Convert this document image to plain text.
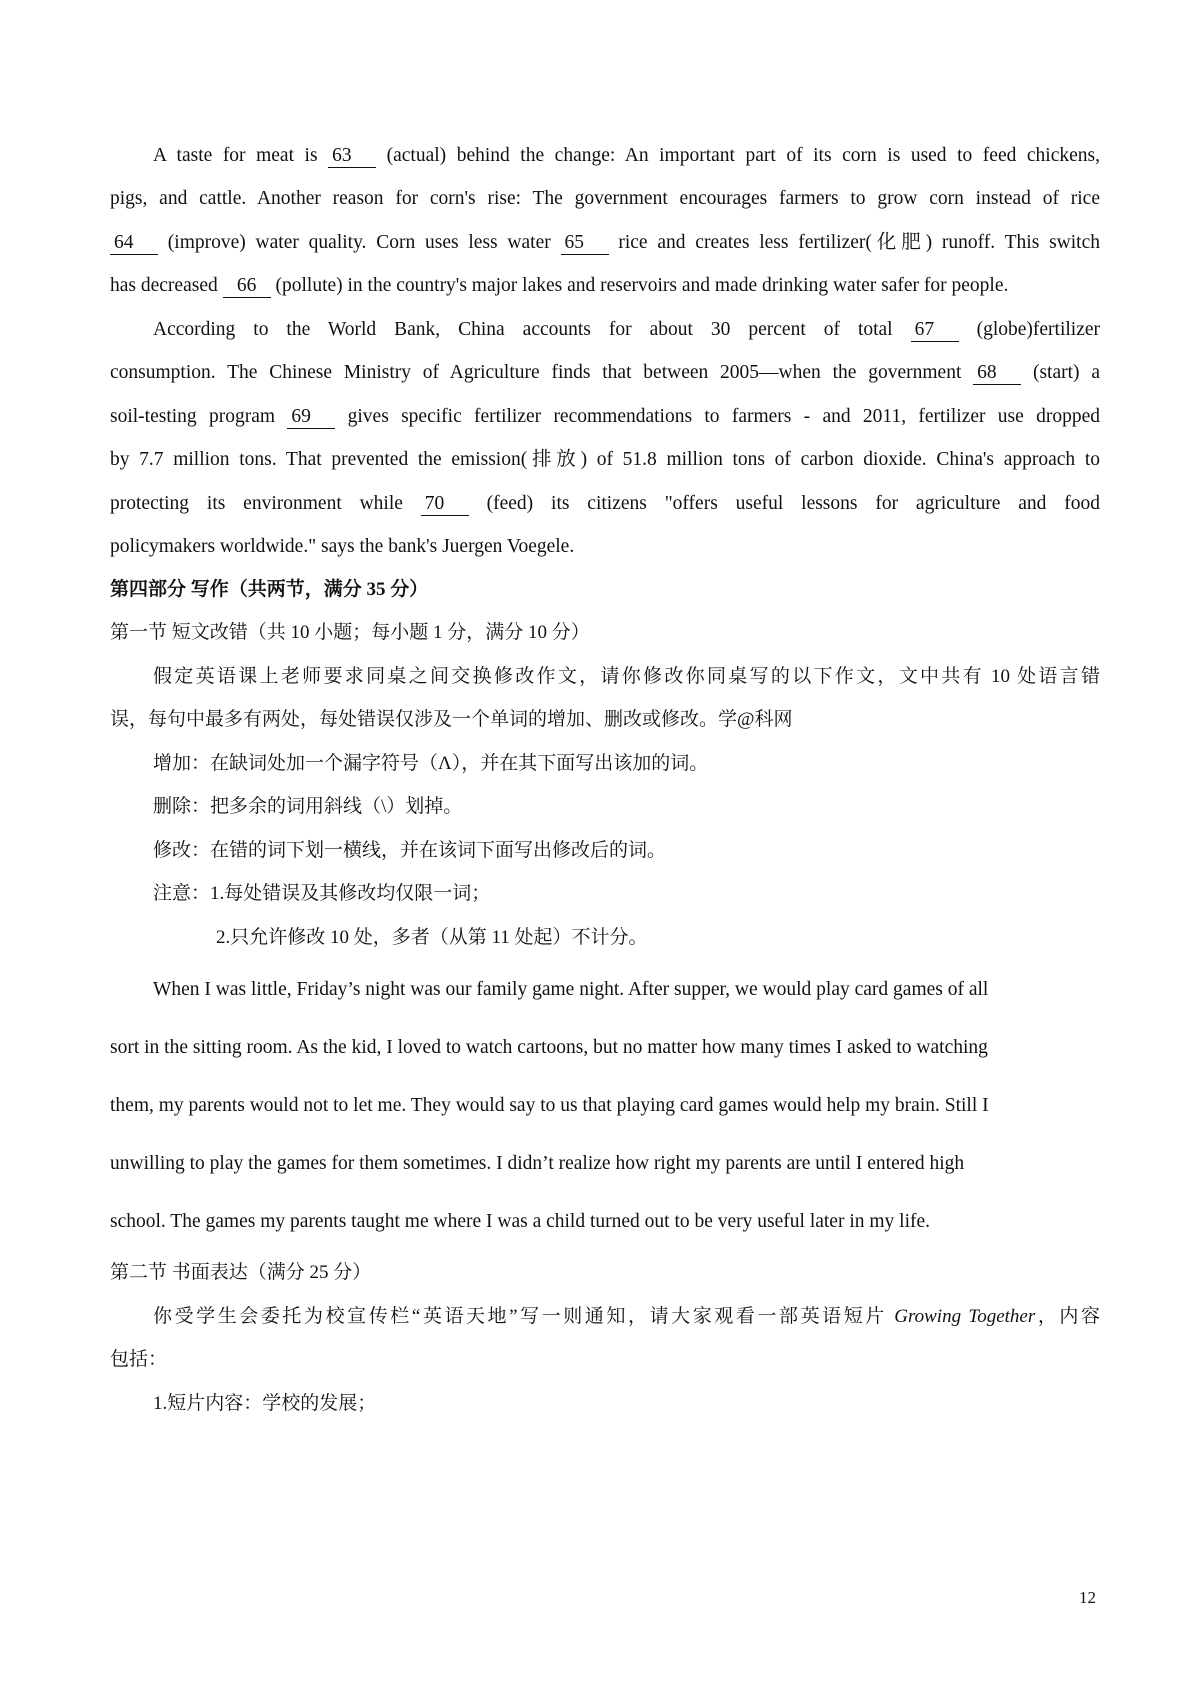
A taste for meat is 63 (actual) behind the change: An important part of its corn is used to feed chickens,
pigs, and cattle. Another reason for corn's rise: The government encourages farmers to grow corn instead of rice
64 (improve) water quality. Corn uses less water 65 rice and creates less fertilizer(化肥) runoff. This switch
has decreased 66 (pollute) in the country's major lakes and reservoirs and made drinking water safer for people.
According to the World Bank, China accounts for about 30 percent of total 67 (globe)fertilizer
consumption. The Chinese Ministry of Agriculture finds that between 2005—when the government 68 (start) a
soil-testing program 69 gives specific fertilizer recommendations to farmers - and 2011, fertilizer use dropped
by 7.7 million tons. That prevented the emission(排放) of 51.8 million tons of carbon dioxide. China's approach to
protecting its environment while 70 (feed) its citizens "offers useful lessons for agriculture and food
policymakers worldwide." says the bank's Juergen Voegele.
第四部分 写作（共两节，满分 35 分）
第一节 短文改错（共 10 小题；每小题 1 分，满分 10 分）
假定英语课上老师要求同桌之间交换修改作文，请你修改你同桌写的以下作文，文中共有 10 处语言错
误，每句中最多有两处，每处错误仅涉及一个单词的增加、删改或修改。学@科网
增加：在缺词处加一个漏字符号（Λ），并在其下面写出该加的词。
删除：把多余的词用斜线（\）划掉。
修改：在错的词下划一横线，并在该词下面写出修改后的词。
注意：1.每处错误及其修改均仅限一词；
2.只允许修改 10 处，多者（从第 11 处起）不计分。
When I was little, Friday’s night was our family game night. After supper, we would play card games of all
sort in the sitting room. As the kid, I loved to watch cartoons, but no matter how many times I asked to watching
them, my parents would not to let me. They would say to us that playing card games would help my brain. Still I
unwilling to play the games for them sometimes. I didn’t realize how right my parents are until I entered high
school. The games my parents taught me where I was a child turned out to be very useful later in my life.
第二节 书面表达（满分 25 分）
你受学生会委托为校宣传栏“英语天地”写一则通知，请大家观看一部英语短片 Growing Together，内容
包括：
1.短片内容：学校的发展；
12
